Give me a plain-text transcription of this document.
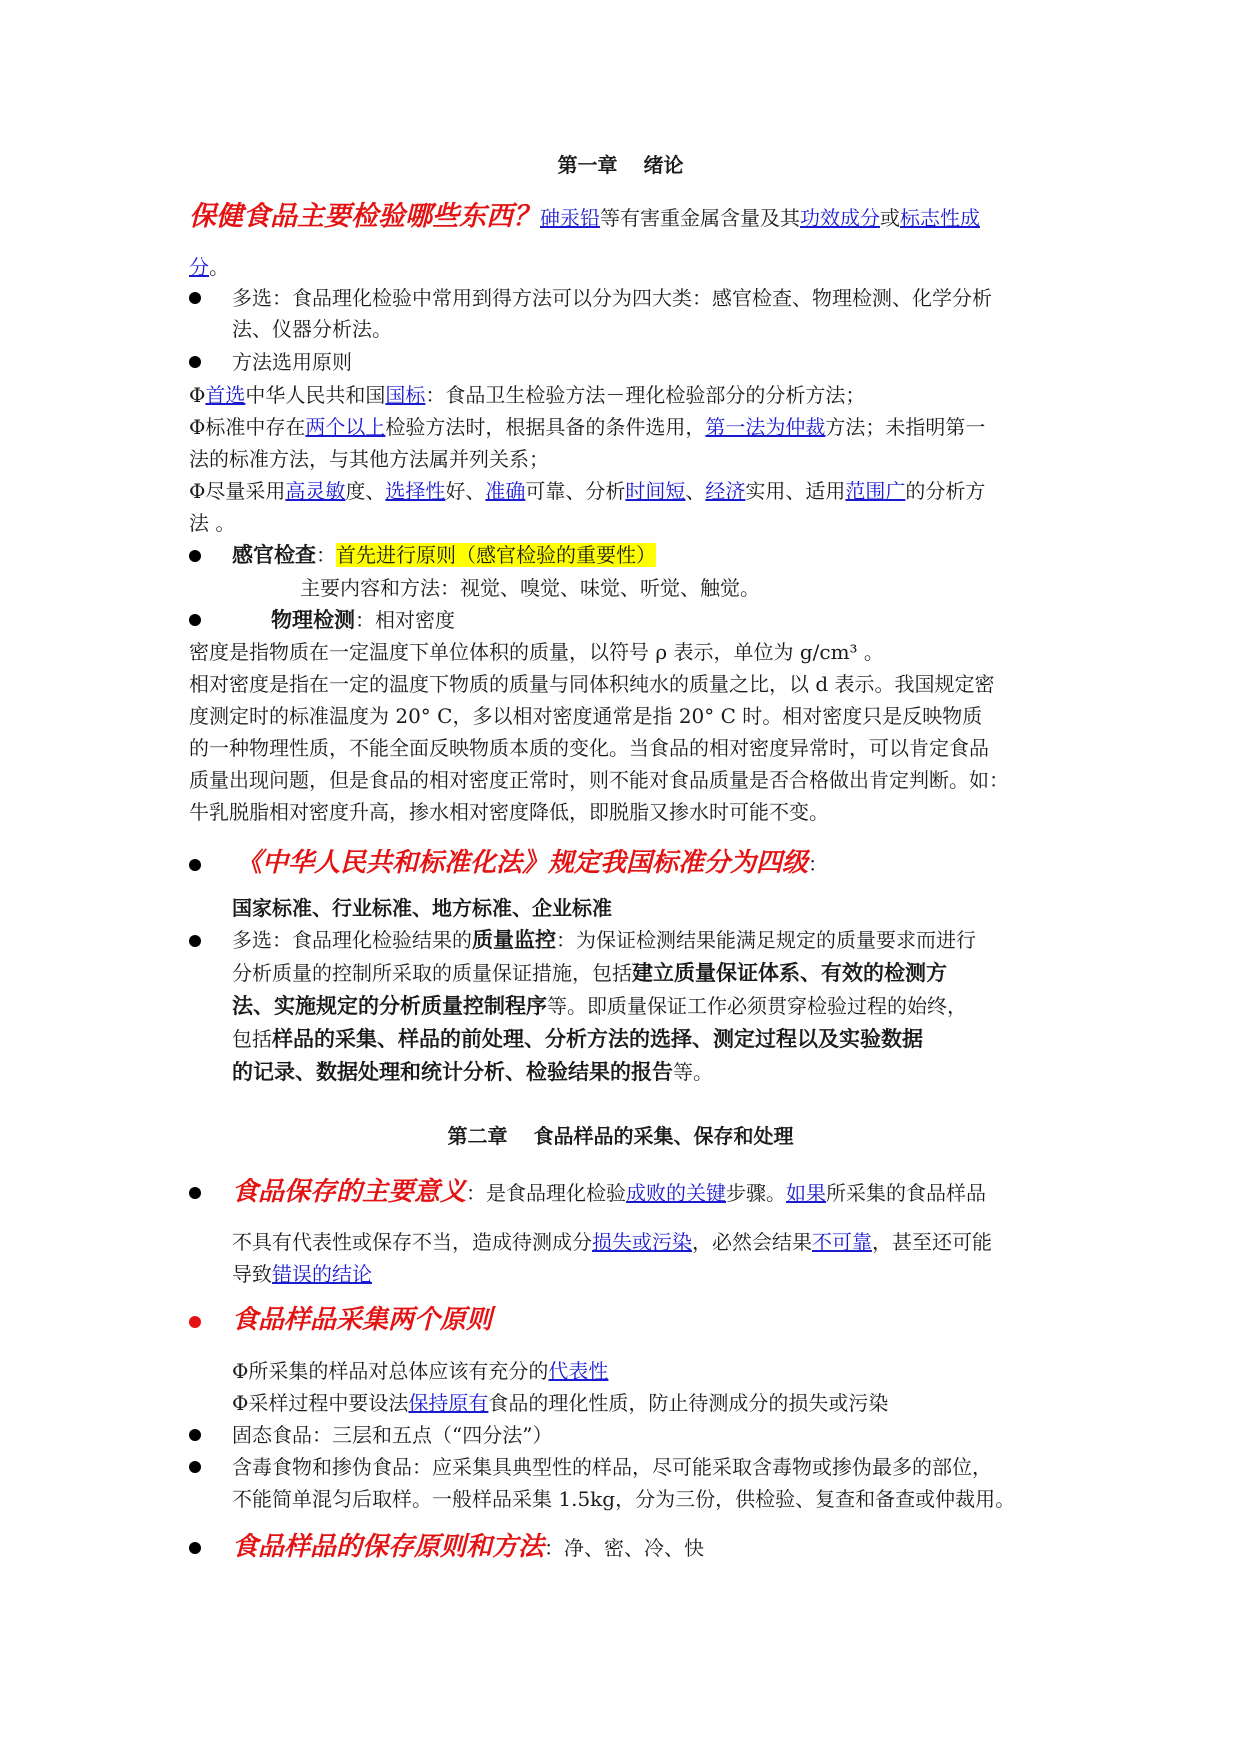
第一章 绪论
保健食品主要检验哪些东西？砷汞铅等有害重金属含量及其功效成分或标志性成
分。
多选：食品理化检验中常用到得方法可以分为四大类：感官检查、物理检测、化学分析
法、仪器分析法。
方法选用原则
Φ首选中华人民共和国国标：食品卫生检验方法－理化检验部分的分析方法；
Φ标准中存在两个以上检验方法时，根据具备的条件选用，第一法为仲裁方法；未指明第一
法的标准方法，与其他方法属并列关系；
Φ尽量采用高灵敏度、选择性好、准确可靠、分析时间短、经济实用、适用范围广的分析方
法 。
感官检查：首先进行原则（感官检验的重要性）
主要内容和方法：视觉、嗅觉、味觉、听觉、触觉。
物理检测：相对密度
密度是指物质在一定温度下单位体积的质量，以符号 ρ 表示，单位为 g/cm³ 。
相对密度是指在一定的温度下物质的质量与同体积纯水的质量之比，以 d 表示。我国规定密
度测定时的标准温度为 20° C，多以相对密度通常是指 20° C 时。相对密度只是反映物质
的一种物理性质，不能全面反映物质本质的变化。当食品的相对密度异常时，可以肯定食品
质量出现问题，但是食品的相对密度正常时，则不能对食品质量是否合格做出肯定判断。如：
牛乳脱脂相对密度升高，掺水相对密度降低，即脱脂又掺水时可能不变。
《中华人民共和标准化法》规定我国标准分为四级：
国家标准、行业标准、地方标准、企业标准
多选：食品理化检验结果的质量监控：为保证检测结果能满足规定的质量要求而进行
分析质量的控制所采取的质量保证措施，包括建立质量保证体系、有效的检测方
法、实施规定的分析质量控制程序等。即质量保证工作必须贯穿检验过程的始终，
包括样品的采集、样品的前处理、分析方法的选择、测定过程以及实验数据
的记录、数据处理和统计分析、检验结果的报告等。
第二章 食品样品的采集、保存和处理
食品保存的主要意义：是食品理化检验成败的关键步骤。如果所采集的食品样品
不具有代表性或保存不当，造成待测成分损失或污染，必然会结果不可靠，甚至还可能
导致错误的结论
食品样品采集两个原则
Φ所采集的样品对总体应该有充分的代表性
Φ采样过程中要设法保持原有食品的理化性质，防止待测成分的损失或污染
固态食品：三层和五点（“四分法”）
含毒食物和掺伪食品：应采集具典型性的样品，尽可能采取含毒物或掺伪最多的部位，
不能简单混匀后取样。一般样品采集 1.5kg，分为三份，供检验、复查和备查或仲裁用。
食品样品的保存原则和方法：净、密、冷、快
